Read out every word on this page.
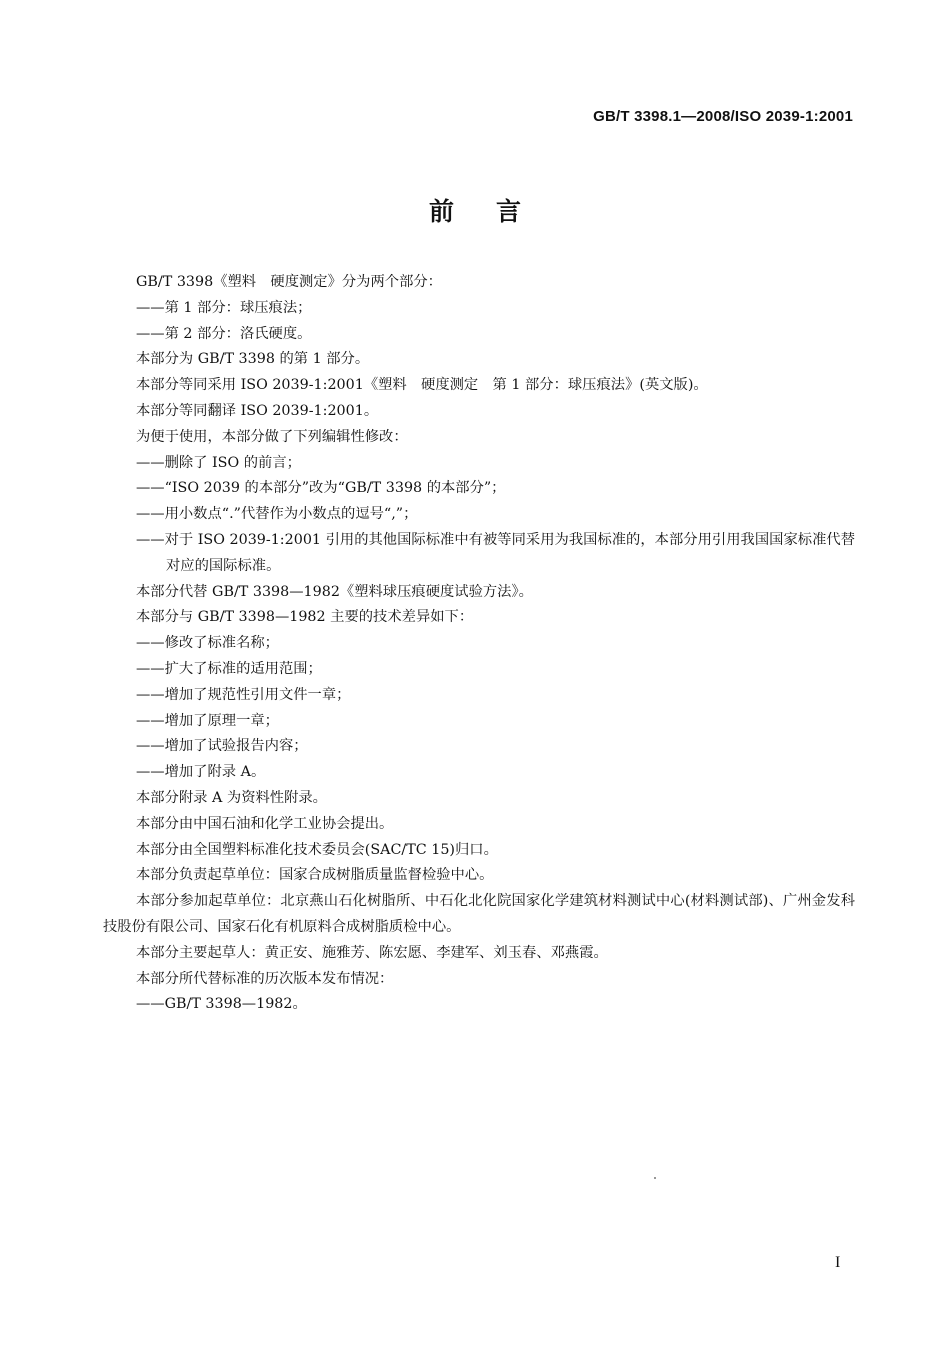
GB/T 3398.1—2008/ISO 2039-1:2001
前言

GB/T 3398《塑料　硬度测定》分为两个部分：

——第 1 部分：球压痕法；

——第 2 部分：洛氏硬度。

本部分为 GB/T 3398 的第 1 部分。

本部分等同采用 ISO 2039-1:2001《塑料　硬度测定　第 1 部分：球压痕法》(英文版)。

本部分等同翻译 ISO 2039-1:2001。

为便于使用，本部分做了下列编辑性修改：

——删除了 ISO 的前言；

——“ISO 2039 的本部分”改为“GB/T 3398 的本部分”；

——用小数点“.”代替作为小数点的逗号“,”；

——对于 ISO 2039-1:2001 引用的其他国际标准中有被等同采用为我国标准的，本部分用引用我国国家标准代替对应的国际标准。

本部分代替 GB/T 3398—1982《塑料球压痕硬度试验方法》。

本部分与 GB/T 3398—1982 主要的技术差异如下：

——修改了标准名称；

——扩大了标准的适用范围；

——增加了规范性引用文件一章；

——增加了原理一章；

——增加了试验报告内容；

——增加了附录 A。

本部分附录 A 为资料性附录。

本部分由中国石油和化学工业协会提出。

本部分由全国塑料标准化技术委员会(SAC/TC 15)归口。

本部分负责起草单位：国家合成树脂质量监督检验中心。

本部分参加起草单位：北京燕山石化树脂所、中石化北化院国家化学建筑材料测试中心(材料测试部)、广州金发科技股份有限公司、国家石化有机原料合成树脂质检中心。

本部分主要起草人：黄正安、施雅芳、陈宏愿、李建军、刘玉春、邓燕霞。

本部分所代替标准的历次版本发布情况：

——GB/T 3398—1982。

I
